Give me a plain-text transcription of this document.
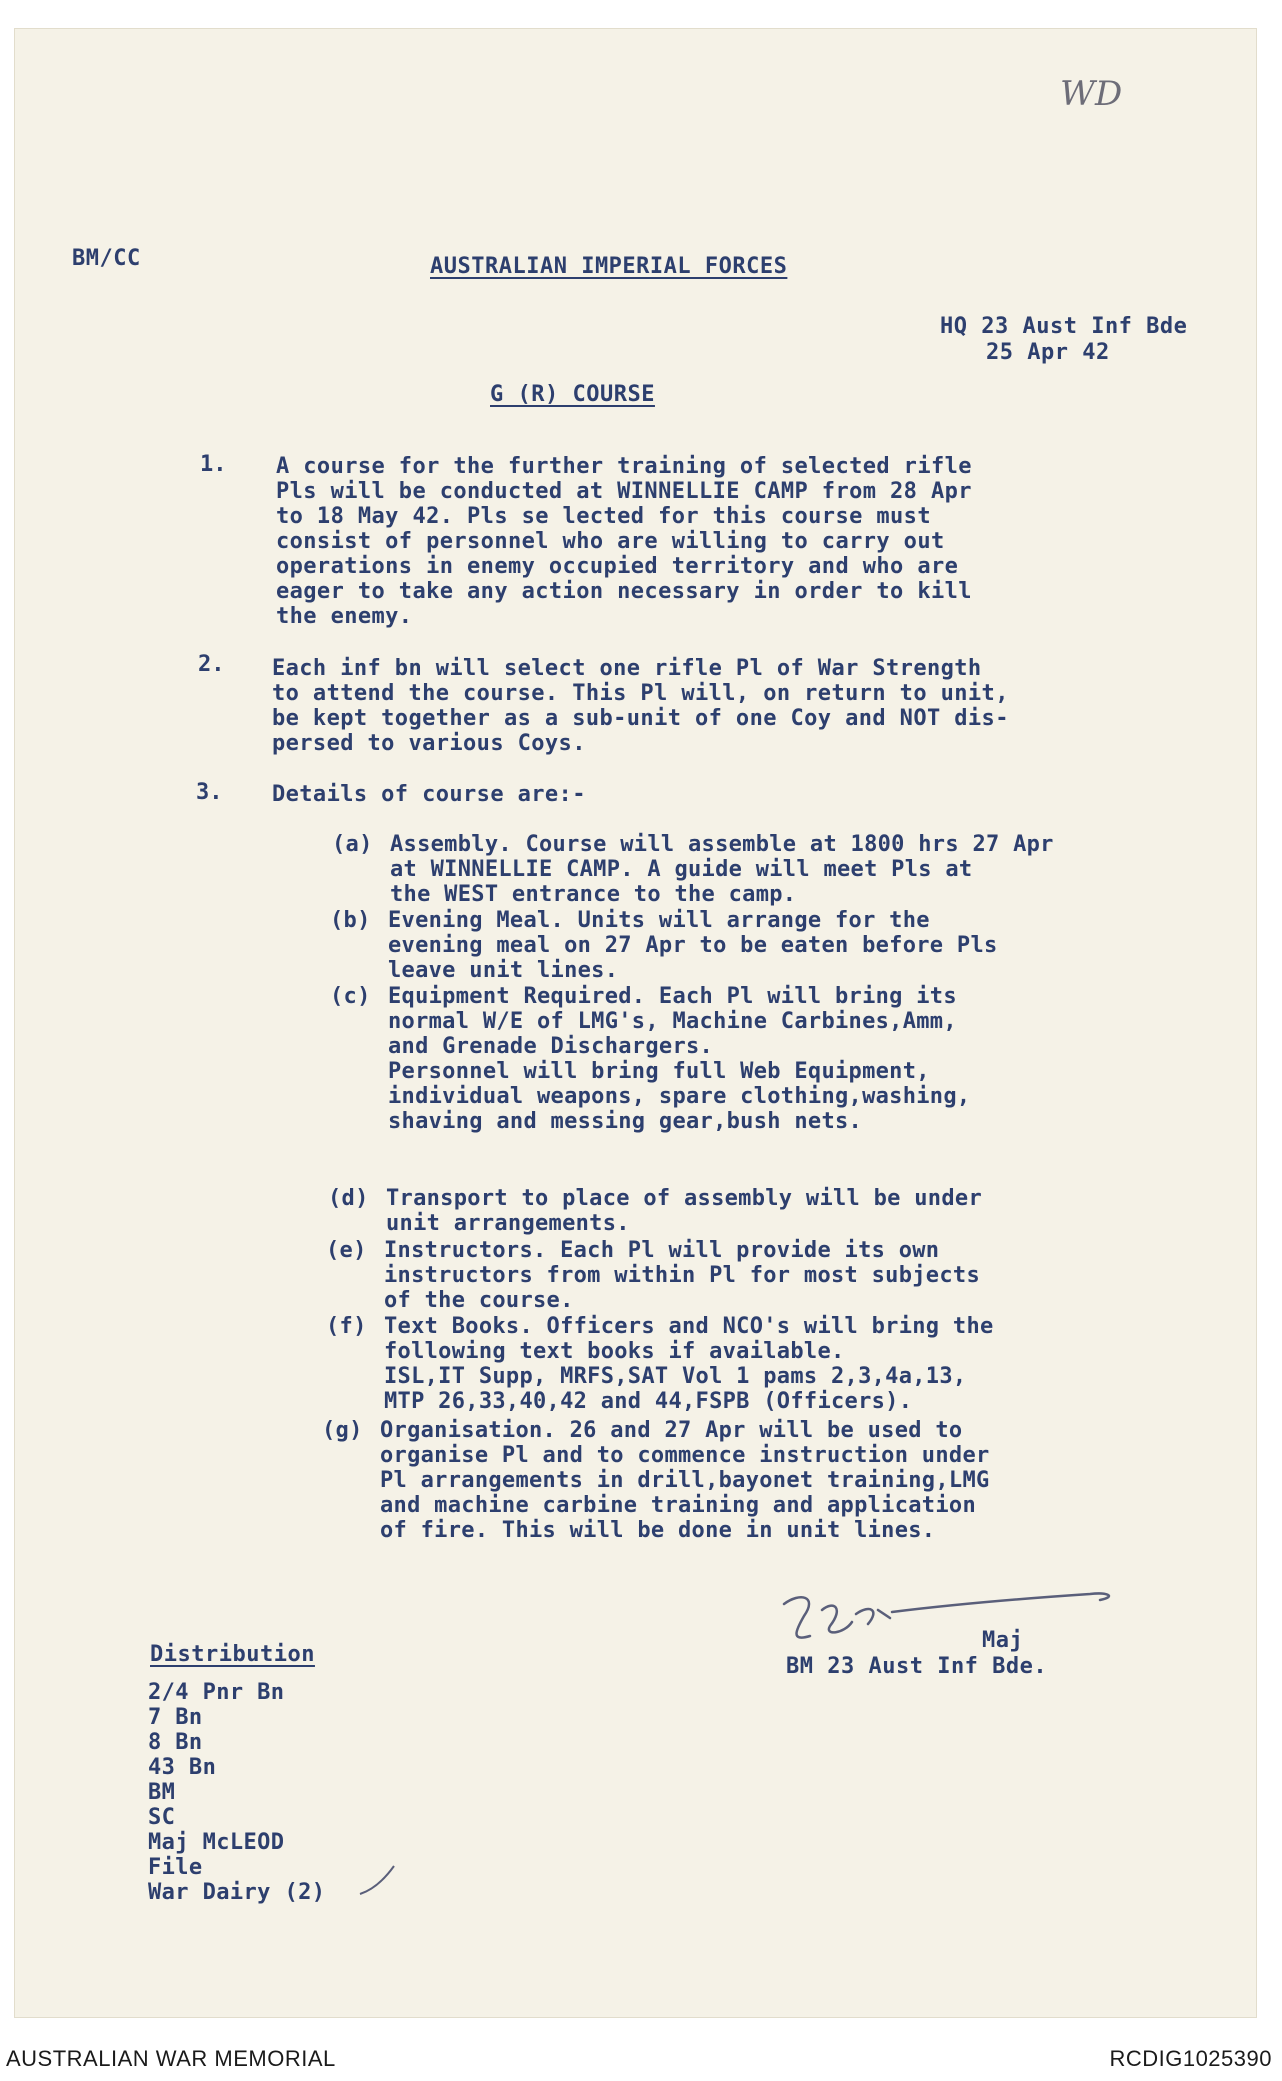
WD
BM/CC	AUSTRALIAN IMPERIAL FORCES
HQ 23 Aust Inf Bde
25 Apr 42
G (R) COURSE
1. A course for the further training of selected rifle
Pls will be conducted at WINNELLIE CAMP from 28 Apr
to 18 May 42. Pls se lected for this course must
consist of personnel who are willing to carry out
operations in enemy occupied territory and who are
eager to take any action necessary in order to kill
the enemy.
2. Each inf bn will select one rifle Pl of War Strength
to attend the course. This Pl will, on return to unit,
be kept together as a sub-unit of one Coy and NOT dis-
persed to various Coys.
3. Details of course are:-
(a) Assembly. Course will assemble at 1800 hrs 27 Apr
at WINNELLIE CAMP. A guide will meet Pls at
the WEST entrance to the camp.
(b) Evening Meal. Units will arrange for the
evening meal on 27 Apr to be eaten before Pls
leave unit lines.
(c) Equipment Required. Each Pl will bring its
normal W/E of LMG's, Machine Carbines,Amm,
and Grenade Dischargers.
Personnel will bring full Web Equipment,
individual weapons, spare clothing,washing,
shaving and messing gear,bush nets.
(d) Transport to place of assembly will be under
unit arrangements.
(e) Instructors. Each Pl will provide its own
instructors from within Pl for most subjects
of the course.
(f) Text Books. Officers and NCO's will bring the
following text books if available.
ISL,IT Supp, MRFS,SAT Vol 1 pams 2,3,4a,13,
MTP 26,33,40,42 and 44,FSPB (Officers).
(g) Organisation. 26 and 27 Apr will be used to
organise Pl and to commence instruction under
Pl arrangements in drill,bayonet training,LMG
and machine carbine training and application
of fire. This will be done in unit lines.
Maj
BM 23 Aust Inf Bde.
Distribution
2/4 Pnr Bn
7 Bn
8 Bn
43 Bn
BM
SC
Maj McLEOD
File
War Dairy (2)
AUSTRALIAN WAR MEMORIAL	RCDIG1025390
